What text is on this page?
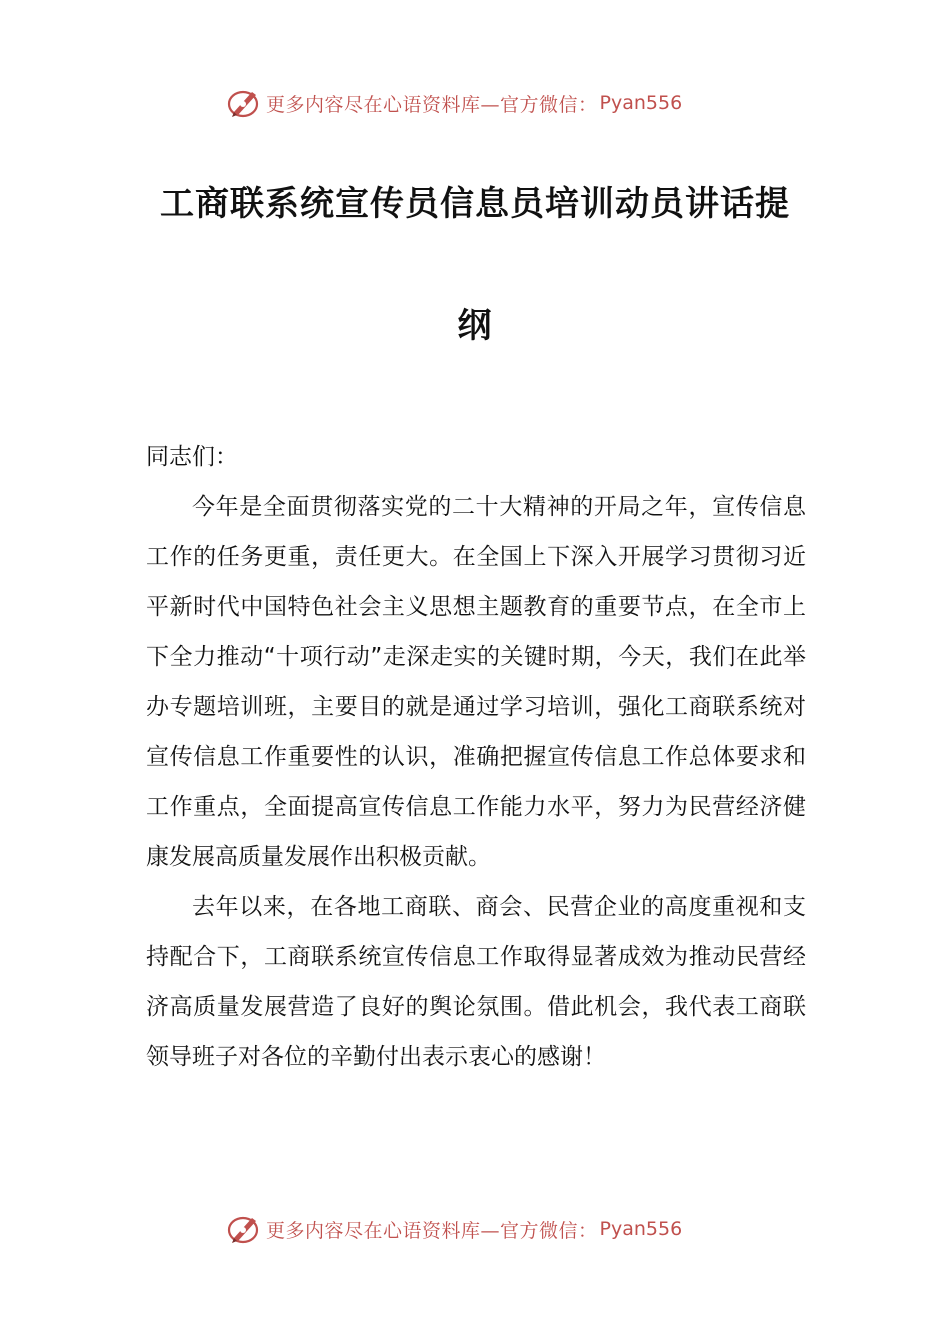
更多内容尽在心语资料库—官方微信： Pyan556
工商联系统宣传员信息员培训动员讲话提
纲

同志们：

今年是全面贯彻落实党的二十大精神的开局之年，宣传信息工作的任务更重，责任更大。在全国上下深入开展学习贯彻习近平新时代中国特色社会主义思想主题教育的重要节点，在全市上下全力推动“十项行动”走深走实的关键时期，今天，我们在此举办专题培训班，主要目的就是通过学习培训，强化工商联系统对宣传信息工作重要性的认识，准确把握宣传信息工作总体要求和工作重点，全面提高宣传信息工作能力水平，努力为民营经济健康发展高质量发展作出积极贡献。

去年以来，在各地工商联、商会、民营企业的高度重视和支持配合下，工商联系统宣传信息工作取得显著成效为推动民营经济高质量发展营造了良好的舆论氛围。借此机会，我代表工商联领导班子对各位的辛勤付出表示衷心的感谢！

更多内容尽在心语资料库—官方微信： Pyan556
